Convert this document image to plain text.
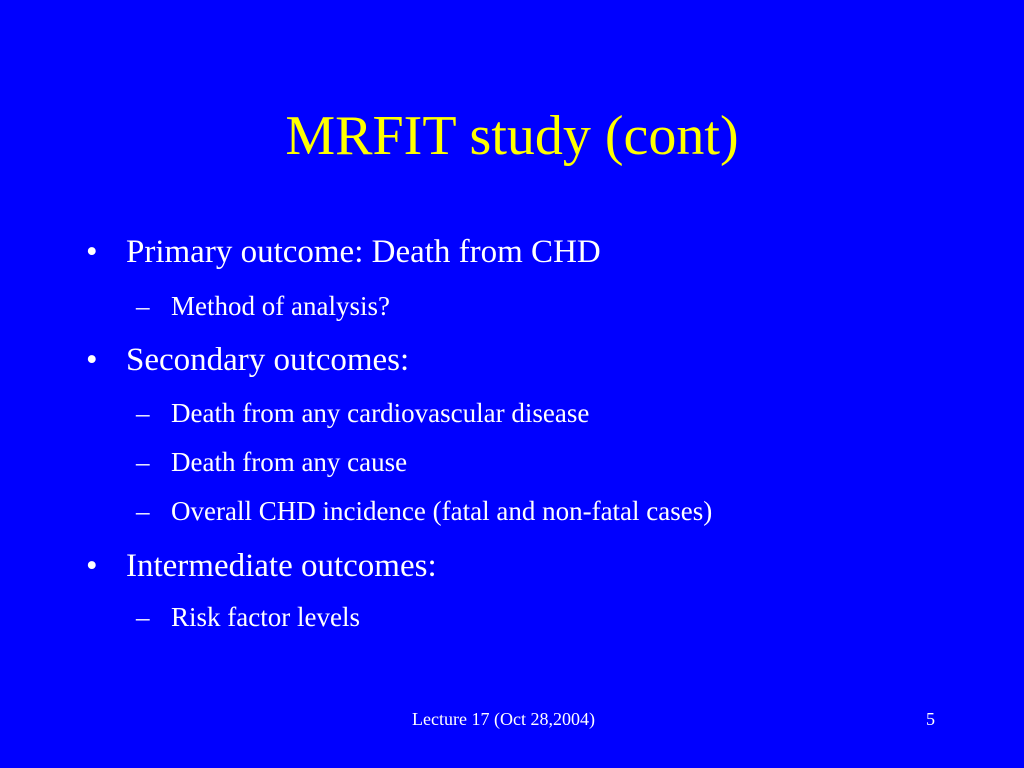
MRFIT study (cont)
• Primary outcome: Death from CHD
– Method of analysis?
• Secondary outcomes:
– Death from any cardiovascular disease
– Death from any cause
– Overall CHD incidence (fatal and non-fatal cases)
• Intermediate outcomes:
– Risk factor levels
Lecture 17 (Oct 28,2004)	5
